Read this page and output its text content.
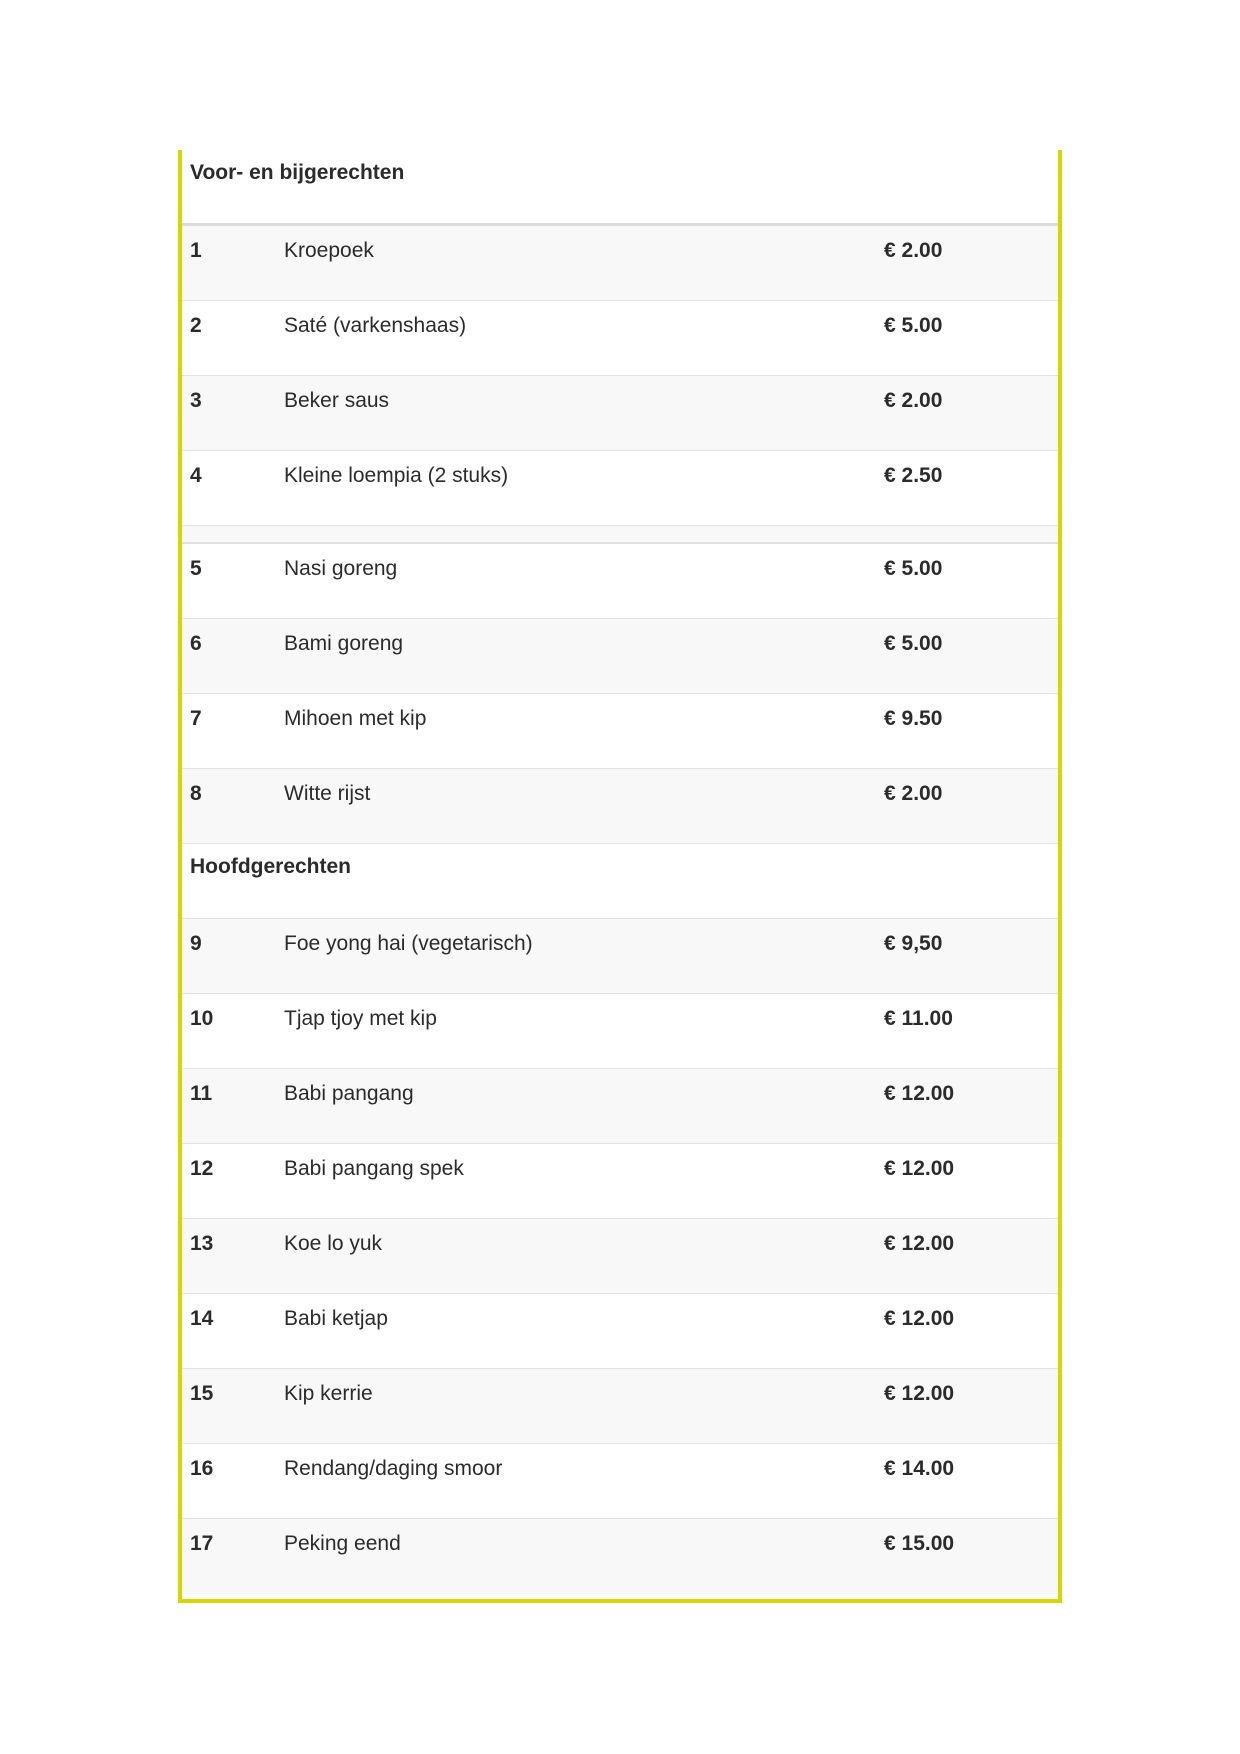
Voor- en bijgerechten
1	Kroepoek	€ 2.00
2	Saté (varkenshaas)	€ 5.00
3	Beker saus	€ 2.00
4	Kleine loempia (2 stuks)	€ 2.50
5	Nasi goreng	€ 5.00
6	Bami goreng	€ 5.00
7	Mihoen met kip	€ 9.50
8	Witte rijst	€ 2.00
Hoofdgerechten
9	Foe yong hai (vegetarisch)	€ 9,50
10	Tjap tjoy met kip	€ 11.00
11	Babi pangang	€ 12.00
12	Babi pangang spek	€ 12.00
13	Koe lo yuk	€ 12.00
14	Babi ketjap	€ 12.00
15	Kip kerrie	€ 12.00
16	Rendang/daging smoor	€ 14.00
17	Peking eend	€ 15.00
